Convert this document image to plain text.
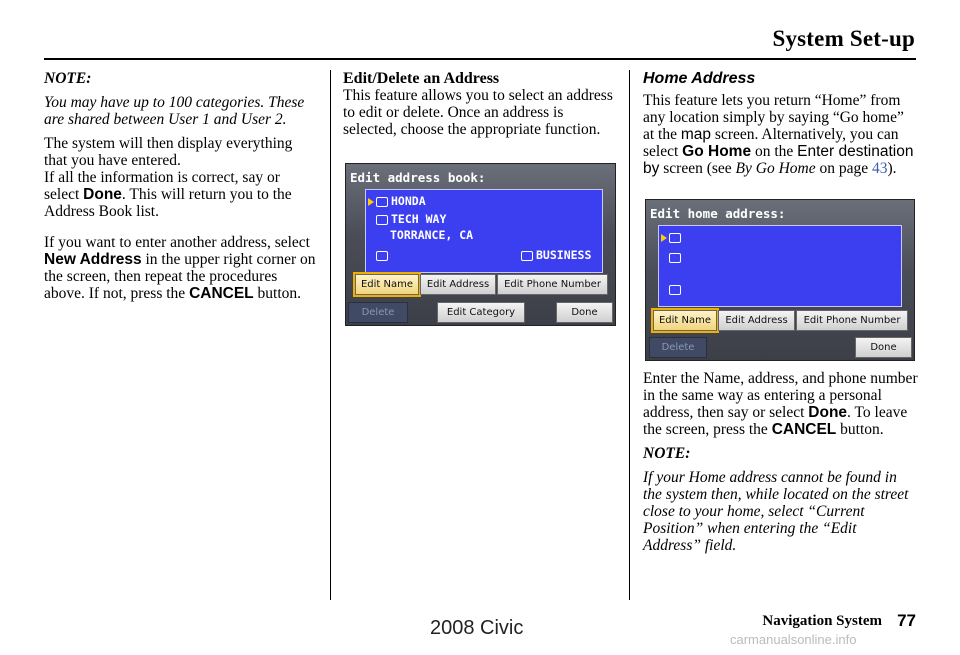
System Set-up

NOTE:

You may have up to 100 categories. These are shared between User 1 and User 2.

The system will then display everything that you have entered.

If all the information is correct, say or select Done. This will return you to the Address Book list.

If you want to enter another address, select New Address in the upper right corner on the screen, then repeat the procedures above. If not, press the CANCEL button.

Edit/Delete an Address

This feature allows you to select an address to edit or delete. Once an address is selected, choose the appropriate function.

Edit address book:
HONDA
TECH WAY
TORRANCE, CA
BUSINESS
Edit Name	Edit Address	Edit Phone Number
Delete	Edit Category	Done

Home Address

This feature lets you return “Home” from any location simply by saying “Go home” at the map screen. Alternatively, you can select Go Home on the Enter destination by screen (see By Go Home on page 43).

Edit home address:
Edit Name	Edit Address	Edit Phone Number
Delete	Done

Enter the Name, address, and phone number in the same way as entering a personal address, then say or select Done. To leave the screen, press the CANCEL button.

NOTE:

If your Home address cannot be found in the system then, while located on the street close to your home, select “Current Position” when entering the “Edit Address” field.

Navigation System 77
2008 Civic
carmanualsonline.info
